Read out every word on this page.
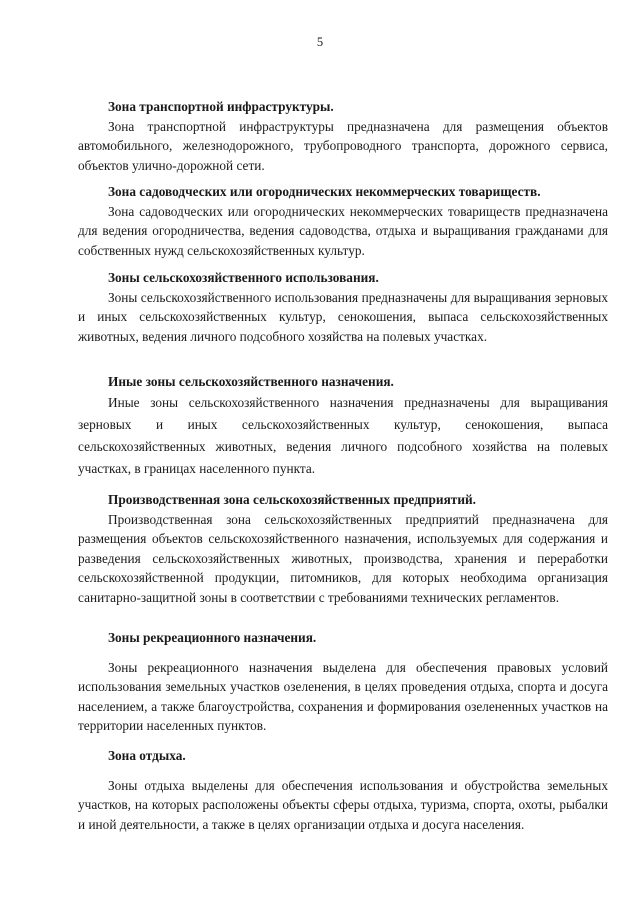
5

Зона транспортной инфраструктуры.

Зона транспортной инфраструктуры предназначена для размещения объектов автомобильного, железнодорожного, трубопроводного транспорта, дорожного сервиса, объектов улично-дорожной сети.

Зона садоводческих или огороднических некоммерческих товариществ.

Зона садоводческих или огороднических некоммерческих товариществ предназначена для ведения огородничества, ведения садоводства, отдыха и выращивания гражданами для собственных нужд сельскохозяйственных культур.

Зоны сельскохозяйственного использования.

Зоны сельскохозяйственного использования предназначены для выращивания зерновых и иных сельскохозяйственных культур, сенокошения, выпаса сельскохозяйственных животных, ведения личного подсобного хозяйства на полевых участках.

Иные зоны сельскохозяйственного назначения.

Иные зоны сельскохозяйственного назначения предназначены для выращивания зерновых и иных сельскохозяйственных культур, сенокошения, выпаса сельскохозяйственных животных, ведения личного подсобного хозяйства на полевых участках, в границах населенного пункта.

Производственная зона сельскохозяйственных предприятий.

Производственная зона сельскохозяйственных предприятий предназначена для размещения объектов сельскохозяйственного назначения, используемых для содержания и разведения сельскохозяйственных животных, производства, хранения и переработки сельскохозяйственной продукции, питомников, для которых необходима организация санитарно-защитной зоны в соответствии с требованиями технических регламентов.

Зоны рекреационного назначения.

Зоны рекреационного назначения выделена для обеспечения правовых условий использования земельных участков озеленения, в целях проведения отдыха, спорта и досуга населением, а также благоустройства, сохранения и формирования озелененных участков на территории населенных пунктов.

Зона отдыха.

Зоны отдыха выделены для обеспечения использования и обустройства земельных участков, на которых расположены объекты сферы отдыха, туризма, спорта, охоты, рыбалки и иной деятельности, а также в целях организации отдыха и досуга населения.
